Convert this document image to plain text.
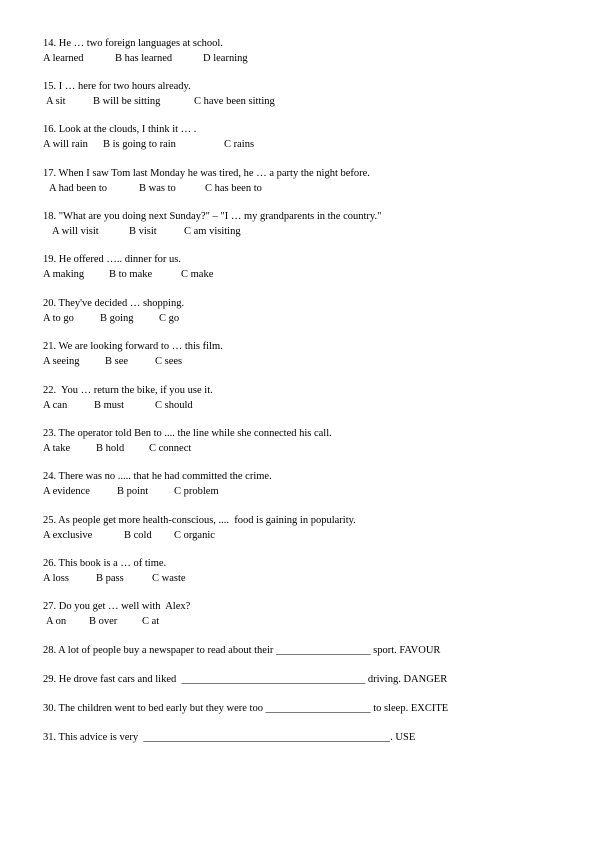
14. He … two foreign languages at school.
A learned	B has learned	D learning
15. I … here for two hours already.
A sit	B will be sitting	C have been sitting
16. Look at the clouds, I think it … .
A will rain B is going to rain	C rains
17. When I saw Tom last Monday he was tired, he … a party the night before.
A had been to	B was to	C has been to
18. "What are you doing next Sunday?" – "I … my grandparents in the country."
A will visit	B visit	C am visiting
19. He offered ….. dinner for us.
A making B to make	C make
20. They've decided … shopping.
A to go B going C go
21. We are looking forward to … this film.
A seeing B see	C sees
22.  You … return the bike, if you use it.
A can	B must	C should
23. The operator told Ben to .... the line while she connected his call.
A take B hold C connect
24. There was no ..... that he had committed the crime.
A evidence	B point C problem
25. As people get more health-conscious, ....  food is gaining in popularity.
A exclusive	B cold C organic
26. This book is a … of time.
A loss	B pass	C waste
27. Do you get … well with  Alex?
A on B over C at
28. A lot of people buy a newspaper to read about their __________________ sport. FAVOUR
29. He drove fast cars and liked  ___________________________________ driving. DANGER
30. The children went to bed early but they were too ____________________ to sleep. EXCITE
31. This advice is very  _______________________________________________. USE
